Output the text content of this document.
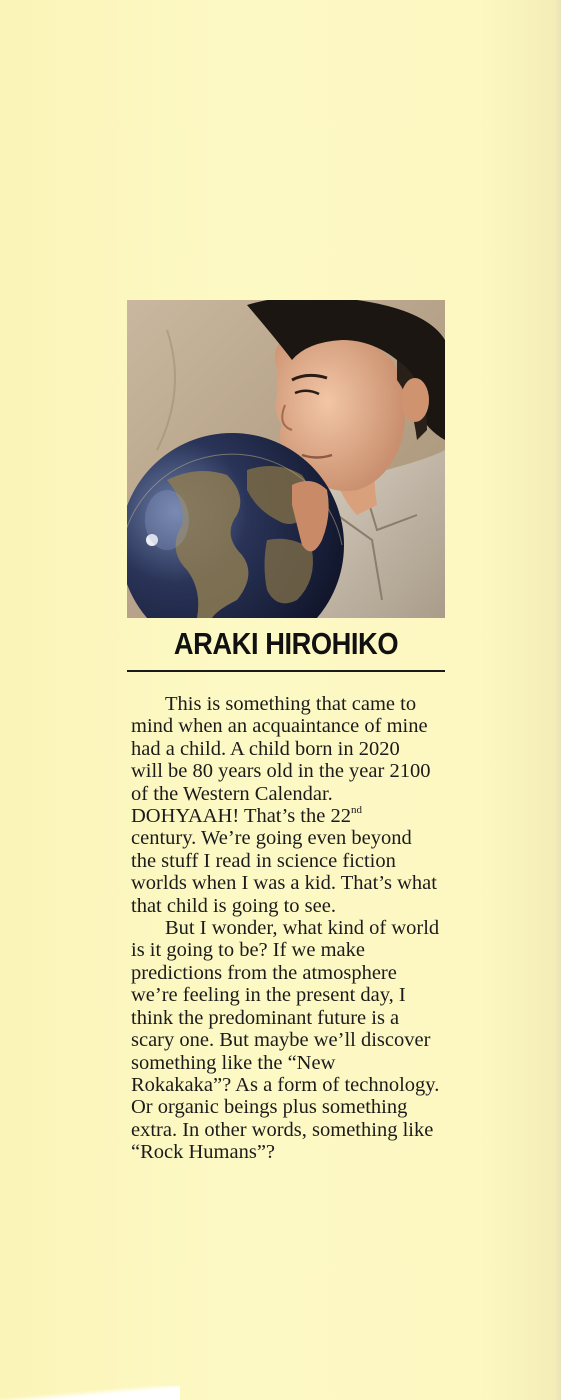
ARAKI HIROHIKO
This is something that came to
mind when an acquaintance of mine
had a child. A child born in 2020
will be 80 years old in the year 2100
of the Western Calendar.
DOHYAAH! That’s the 22nd
century. We’re going even beyond
the stuff I read in science fiction
worlds when I was a kid. That’s what
that child is going to see.
But I wonder, what kind of world
is it going to be? If we make
predictions from the atmosphere
we’re feeling in the present day, I
think the predominant future is a
scary one. But maybe we’ll discover
something like the “New
Rokakaka”? As a form of technology.
Or organic beings plus something
extra. In other words, something like
“Rock Humans”?
